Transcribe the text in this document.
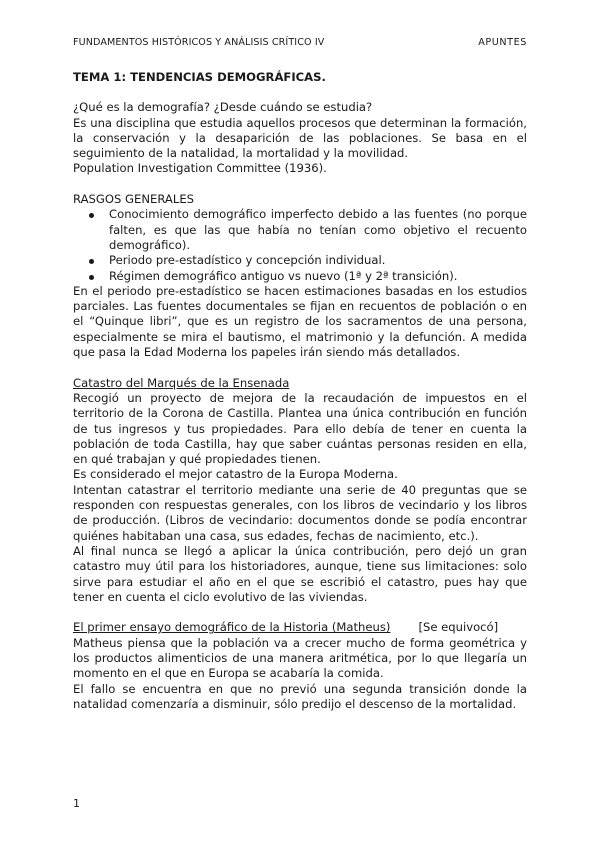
FUNDAMENTOS HISTÓRICOS Y ANÁLISIS CRÍTICO IV	APUNTES

TEMA 1: TENDENCIAS DEMOGRÁFICAS.

¿Qué es la demografía? ¿Desde cuándo se estudia?

Es una disciplina que estudia aquellos procesos que determinan la formación, la conservación y la desaparición de las poblaciones. Se basa en el seguimiento de la natalidad, la mortalidad y la movilidad.

Population Investigation Committee (1936).

RASGOS GENERALES

Conocimiento demográfico imperfecto debido a las fuentes (no porque falten, es que las que había no tenían como objetivo el recuento demográfico).
Periodo pre-estadístico y concepción individual.
Régimen demográfico antiguo vs nuevo (1ª y 2ª transición).

En el periodo pre-estadístico se hacen estimaciones basadas en los estudios parciales. Las fuentes documentales se fijan en recuentos de población o en el “Quinque libri”, que es un registro de los sacramentos de una persona, especialmente se mira el bautismo, el matrimonio y la defunción. A medida que pasa la Edad Moderna los papeles irán siendo más detallados.

Catastro del Marqués de la Ensenada

Recogió un proyecto de mejora de la recaudación de impuestos en el territorio de la Corona de Castilla. Plantea una única contribución en función de tus ingresos y tus propiedades. Para ello debía de tener en cuenta la población de toda Castilla, hay que saber cuántas personas residen en ella, en qué trabajan y qué propiedades tienen.

Es considerado el mejor catastro de la Europa Moderna.

Intentan catastrar el territorio mediante una serie de 40 preguntas que se responden con respuestas generales, con los libros de vecindario y los libros de producción. (Libros de vecindario: documentos donde se podía encontrar quiénes habitaban una casa, sus edades, fechas de nacimiento, etc.).

Al final nunca se llegó a aplicar la única contribución, pero dejó un gran catastro muy útil para los historiadores, aunque, tiene sus limitaciones: solo sirve para estudiar el año en el que se escribió el catastro, pues hay que tener en cuenta el ciclo evolutivo de las viviendas.

El primer ensayo demográfico de la Historia (Matheus) [Se equivocó]

Matheus piensa que la población va a crecer mucho de forma geométrica y los productos alimenticios de una manera aritmética, por lo que llegaría un momento en el que en Europa se acabaría la comida.

El fallo se encuentra en que no previó una segunda transición donde la natalidad comenzaría a disminuir, sólo predijo el descenso de la mortalidad.

1
